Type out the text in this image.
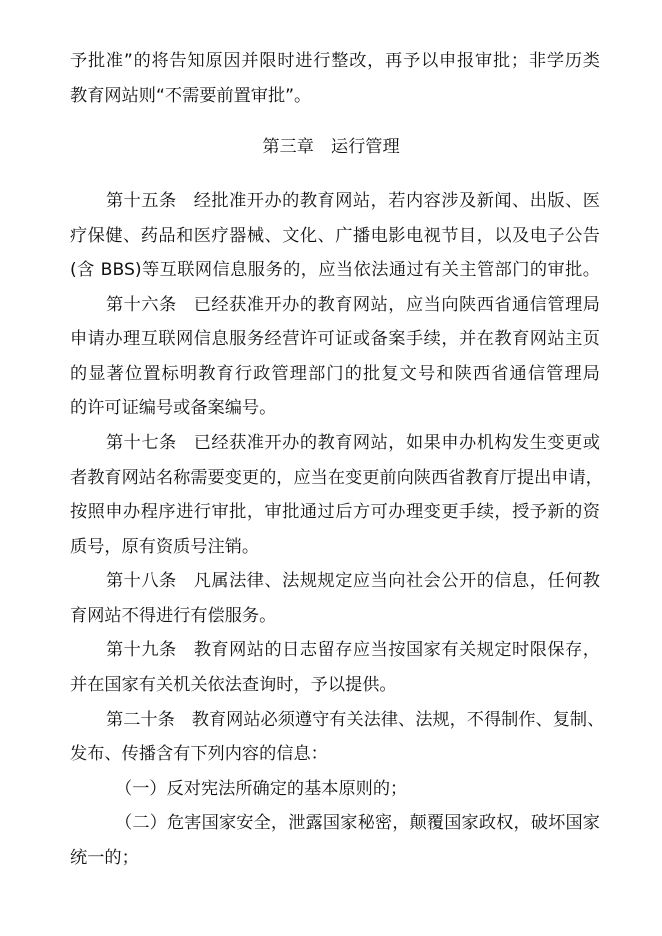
予批准”的将告知原因并限时进行整改，再予以申报审批；非学历类
教育网站则“不需要前置审批”。
第三章 运行管理
第十五条 经批准开办的教育网站，若内容涉及新闻、出版、医
疗保健、药品和医疗器械、文化、广播电影电视节目，以及电子公告
(含 BBS)等互联网信息服务的，应当依法通过有关主管部门的审批。
第十六条 已经获准开办的教育网站，应当向陕西省通信管理局
申请办理互联网信息服务经营许可证或备案手续，并在教育网站主页
的显著位置标明教育行政管理部门的批复文号和陕西省通信管理局
的许可证编号或备案编号。
第十七条 已经获准开办的教育网站，如果申办机构发生变更或
者教育网站名称需要变更的，应当在变更前向陕西省教育厅提出申请，
按照申办程序进行审批，审批通过后方可办理变更手续，授予新的资
质号，原有资质号注销。
第十八条 凡属法律、法规规定应当向社会公开的信息，任何教
育网站不得进行有偿服务。
第十九条 教育网站的日志留存应当按国家有关规定时限保存，
并在国家有关机关依法查询时，予以提供。
第二十条 教育网站必须遵守有关法律、法规，不得制作、复制、
发布、传播含有下列内容的信息：
（一）反对宪法所确定的基本原则的；
（二）危害国家安全，泄露国家秘密，颠覆国家政权，破坏国家
统一的；
